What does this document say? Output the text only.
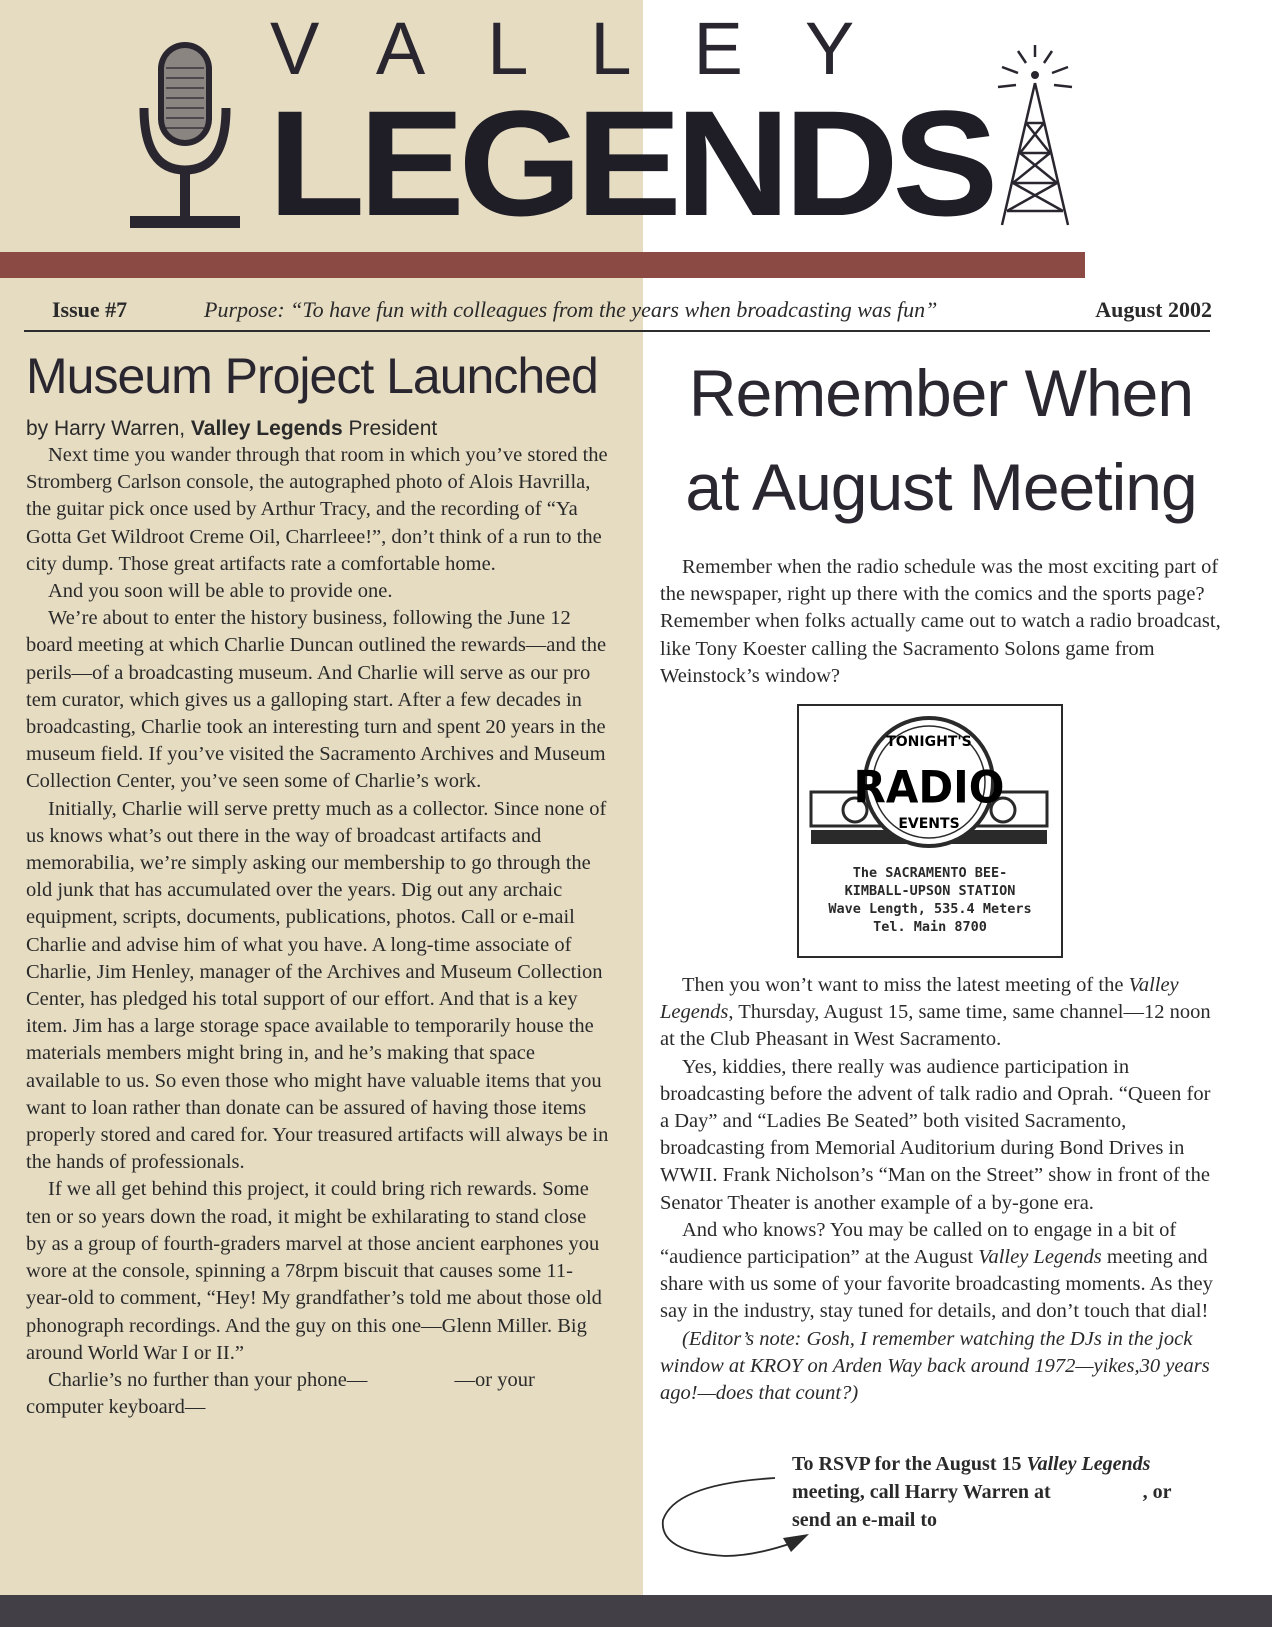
VALLEY
LEGENDS
Issue #7	Purpose: “To have fun with colleagues from the years when broadcasting was fun”	August 2002
Museum Project Launched
by Harry Warren, Valley Legends President

Next time you wander through that room in which you’ve stored the Stromberg Carlson console, the autographed photo of Alois Havrilla, the guitar pick once used by Arthur Tracy, and the recording of “Ya Gotta Get Wildroot Creme Oil, Charrleee!”, don’t think of a run to the city dump. Those great artifacts rate a comfortable home.

And you soon will be able to provide one.

We’re about to enter the history business, following the June 12 board meeting at which Charlie Duncan outlined the rewards—and the perils—of a broadcasting museum. And Charlie will serve as our pro tem curator, which gives us a galloping start. After a few decades in broadcasting, Charlie took an interesting turn and spent 20 years in the museum field. If you’ve visited the Sacramento Archives and Museum Collection Center, you’ve seen some of Charlie’s work.

Initially, Charlie will serve pretty much as a collector. Since none of us knows what’s out there in the way of broadcast artifacts and memorabilia, we’re simply asking our membership to go through the old junk that has accumulated over the years. Dig out any archaic equipment, scripts, documents, publications, photos. Call or e-mail Charlie and advise him of what you have. A long-time associate of Charlie, Jim Henley, manager of the Archives and Museum Collection Center, has pledged his total support of our effort. And that is a key item. Jim has a large storage space available to temporarily house the materials members might bring in, and he’s making that space available to us. So even those who might have valuable items that you want to loan rather than donate can be assured of having those items properly stored and cared for. Your treasured artifacts will always be in the hands of professionals.

If we all get behind this project, it could bring rich rewards. Some ten or so years down the road, it might be exhilarating to stand close by as a group of fourth-graders marvel at those ancient earphones you wore at the console, spinning a 78rpm biscuit that causes some 11-year-old to comment, “Hey! My grandfather’s told me about those old phonograph recordings. And the guy on this one—Glenn Miller. Big around World War I or II.”

Charlie’s no further than your phone—                 —or your computer keyboard—

Remember When
at August Meeting

Remember when the radio schedule was the most exciting part of the newspaper, right up there with the comics and the sports page? Remember when folks actually came out to watch a radio broadcast, like Tony Koester calling the Sacramento Solons game from Weinstock’s window?

TONIGHT'S
RADIO
EVENTS
The SACRAMENTO BEE-
KIMBALL-UPSON STATION
Wave Length, 535.4 Meters
Tel. Main 8700

Then you won’t want to miss the latest meeting of the Valley Legends, Thursday, August 15, same time, same channel—12 noon at the Club Pheasant in West Sacramento.

Yes, kiddies, there really was audience participation in broadcasting before the advent of talk radio and Oprah. “Queen for a Day” and “Ladies Be Seated” both visited Sacramento, broadcasting from Memorial Auditorium during Bond Drives in WWII. Frank Nicholson’s “Man on the Street” show in front of the Senator Theater is another example of a by-gone era.

And who knows? You may be called on to engage in a bit of “audience participation” at the August Valley Legends meeting and share with us some of your favorite broadcasting moments. As they say in the industry, stay tuned for details, and don’t touch that dial!

(Editor’s note: Gosh, I remember watching the DJs in the jock window at KROY on Arden Way back around 1972—yikes,30 years ago!—does that count?)

To RSVP for the August 15 Valley Legends
meeting, call Harry Warren at	, or
send an e-mail to
